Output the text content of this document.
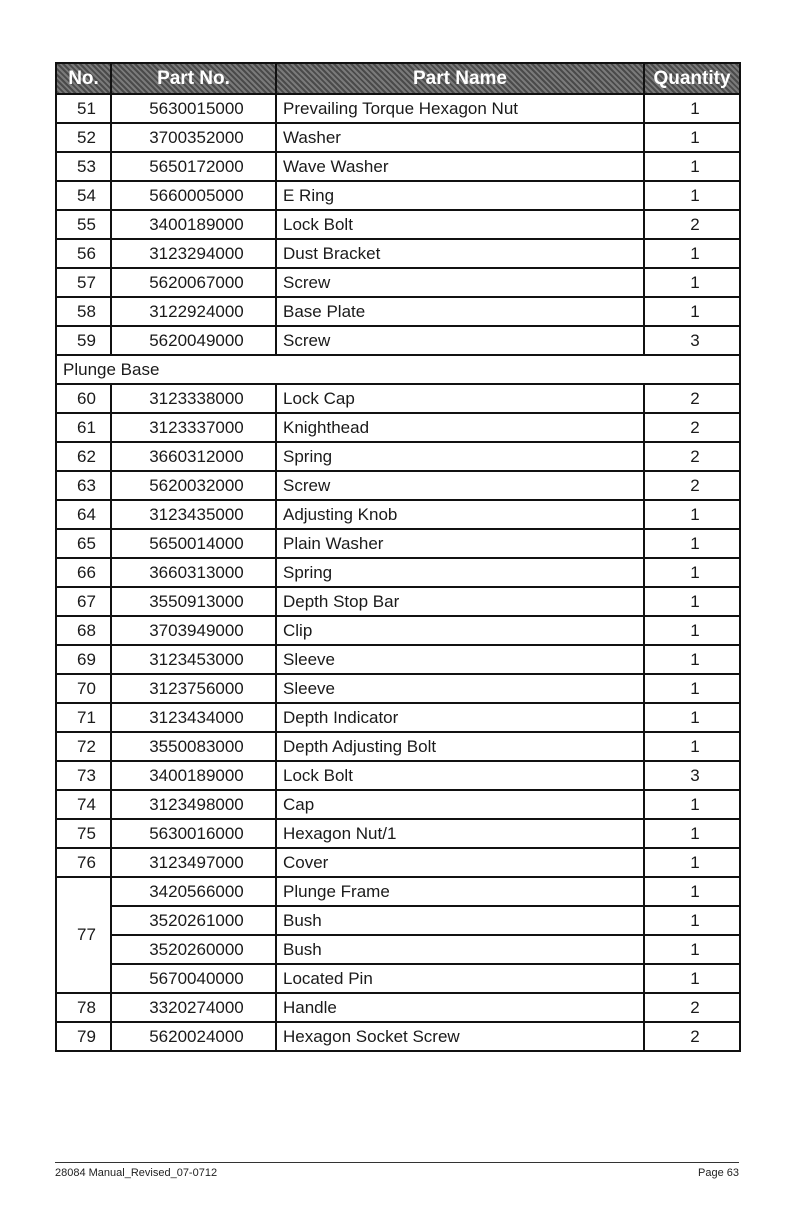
No.	Part No.	Part Name	Quantity
51	5630015000	Prevailing Torque Hexagon Nut	1
52	3700352000	Washer	1
53	5650172000	Wave Washer	1
54	5660005000	E Ring	1
55	3400189000	Lock Bolt	2
56	3123294000	Dust Bracket	1
57	5620067000	Screw	1
58	3122924000	Base Plate	1
59	5620049000	Screw	3
Plunge Base			
60	3123338000	Lock Cap	2
61	3123337000	Knighthead	2
62	3660312000	Spring	2
63	5620032000	Screw	2
64	3123435000	Adjusting Knob	1
65	5650014000	Plain Washer	1
66	3660313000	Spring	1
67	3550913000	Depth Stop Bar	1
68	3703949000	Clip	1
69	3123453000	Sleeve	1
70	3123756000	Sleeve	1
71	3123434000	Depth Indicator	1
72	3550083000	Depth Adjusting Bolt	1
73	3400189000	Lock Bolt	3
74	3123498000	Cap	1
75	5630016000	Hexagon Nut/1	1
76	3123497000	Cover	1
77	3420566000	Plunge Frame	1
	3520261000	Bush	1
	3520260000	Bush	1
	5670040000	Located Pin	1
78	3320274000	Handle	2
79	5620024000	Hexagon Socket Screw	2
28084 Manual_Revised_07-0712	Page 63
